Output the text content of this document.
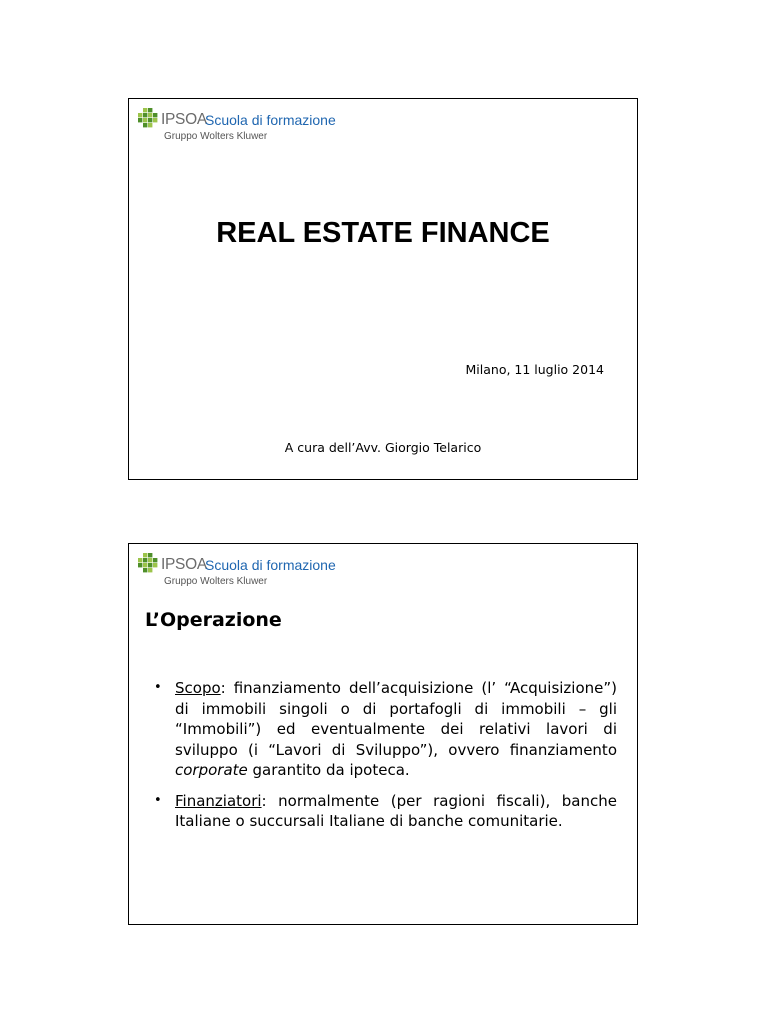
IPSOA
Scuola di formazione
Gruppo Wolters Kluwer
REAL ESTATE FINANCE
Milano, 11 luglio 2014
A cura dell’Avv. Giorgio Telarico
IPSOA
Scuola di formazione
Gruppo Wolters Kluwer
L’Operazione
• Scopo: finanziamento dell’acquisizione (l’ “Acquisizione”) di immobili singoli o di portafogli di immobili – gli “Immobili”) ed eventualmente dei relativi lavori di sviluppo (i “Lavori di Sviluppo”), ovvero finanziamento corporate garantito da ipoteca.
• Finanziatori: normalmente (per ragioni fiscali), banche Italiane o succursali Italiane di banche comunitarie.
